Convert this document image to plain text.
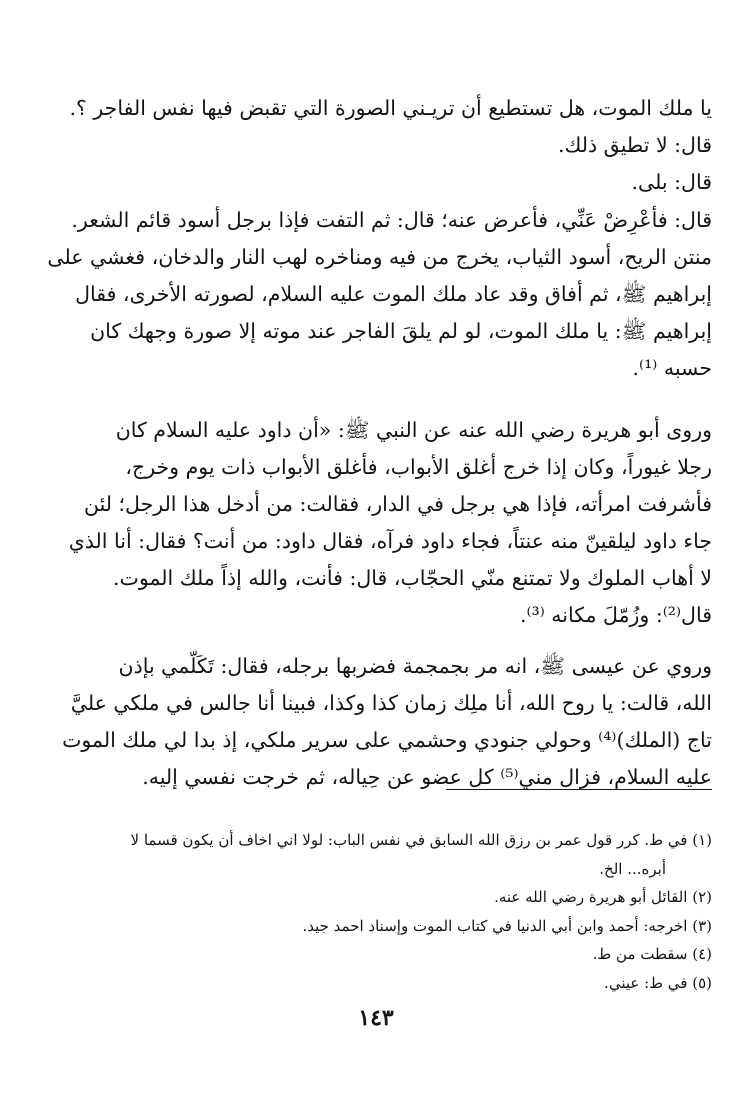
يا ملك الموت، هل تستطيع أن تريـني الصورة التي تقبض فيها نفس الفاجر ؟.
قال: لا تطيق ذلك.
قال: بلى.
قال: فأعْرِضْ عَنِّي، فأعرض عنه؛ قال: ثم التفت فإذا برجل أسود قائم الشعر.
منتن الريح، أسود الثياب، يخرج من فيه ومناخره لهب النار والدخان، فغشي على
إبراهيم ﷺ، ثم أفاق وقد عاد ملك الموت عليه السلام، لصورته الأخرى، فقال
إبراهيم ﷺ: يا ملك الموت، لو لم يلقَ الفاجر عند موته إلا صورة وجهك كان
حسبه ⁽¹⁾.
وروى أبو هريرة رضي الله عنه عن النبي ﷺ: «أن داود عليه السلام كان
رجلا غيوراً، وكان إذا خرج أغلق الأبواب، فأغلق الأبواب ذات يوم وخرج،
فأشرفت امرأته، فإذا هي برجل في الدار، فقالت: من أدخل هذا الرجل؛ لئن
جاء داود ليلقينّ منه عنتاً، فجاء داود فرآه، فقال داود: من أنت؟ فقال: أنا الذي
لا أهاب الملوك ولا تمتنع منّي الحجّاب، قال: فأنت، والله إذاً ملك الموت.
قال⁽²⁾: وزُمّلَ مكانه ⁽³⁾.
وروي عن عيسى ﷺ، انه مر بجمجمة فضربها برجله، فقال: تَكَلّمي بإذن
الله، قالت: يا روح الله، أنا ملِك زمان كذا وكذا، فبينا أنا جالس في ملكي عليَّ
تاج (الملك)⁽⁴⁾ وحولي جنودي وحشمي على سرير ملكي، إذ بدا لي ملك الموت
عليه السلام، فزال مني⁽⁵⁾ كل عضو عن حِياله، ثم خرجت نفسي إليه.
(١) في ط. كرر قول عمر بن رزق الله السابق في نفس الباب: لولا اني اخاف أن يكون قسما لا
أبره... الخ.
(٢) القائل أبو هريرة رضي الله عنه.
(٣) اخرجه: أحمد وابن أبي الدنيا في كتاب الموت وإسناد احمد جيد.
(٤) سقطت من ط.
(٥) في ط: عيني.
١٤٣
